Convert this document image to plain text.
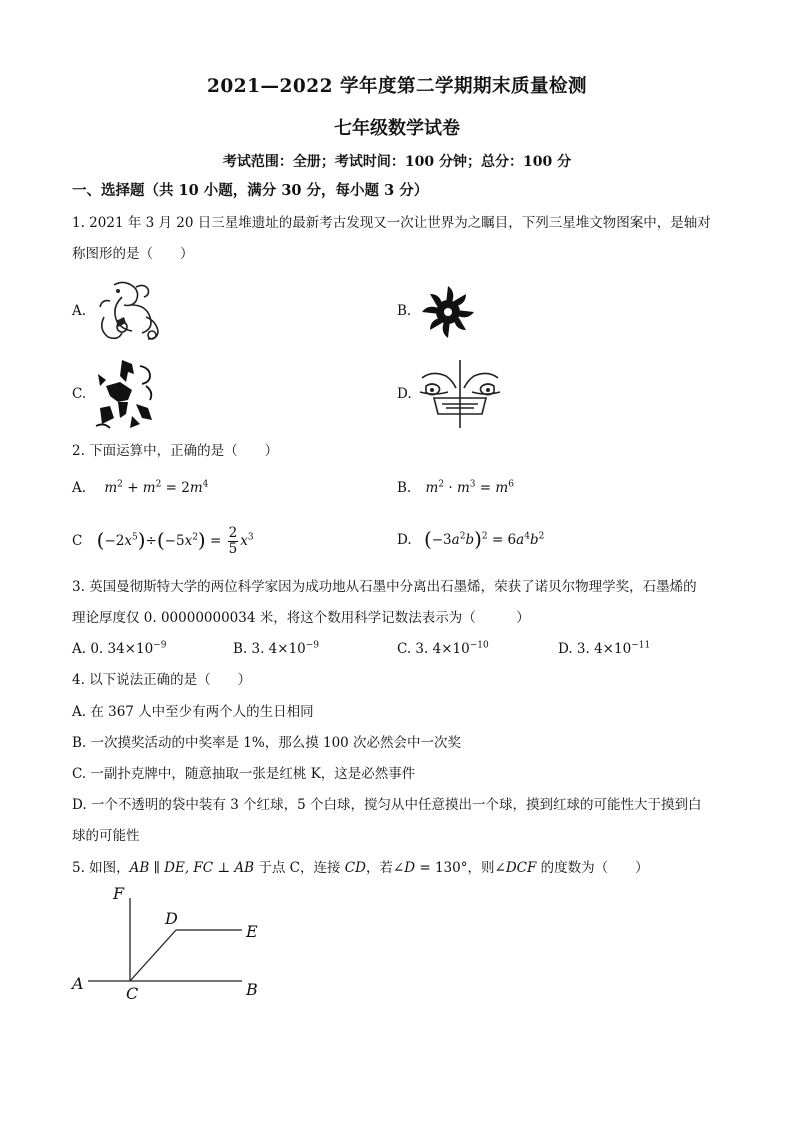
2021—2022 学年度第二学期期末质量检测
七年级数学试卷
考试范围：全册；考试时间：100 分钟；总分：100 分
一、选择题（共 10 小题，满分 30 分，每小题 3 分）
1. 2021 年 3 月 20 日三星堆遗址的最新考古发现又一次让世界为之瞩目，下列三星堆文物图案中，是轴对
称图形的是（　　）
A.	B.
C.	D.
2. 下面运算中，正确的是（　　）
A. $m^2 + m^2 = 2m^4$	B. $m^2 \cdot m^3 = m^6$
C $(-2x^5)\div(-5x^2) = \frac{2}{5} x^3$	D. $(-3a^2b)^2 = 6a^4b^2$
3. 英国曼彻斯特大学的两位科学家因为成功地从石墨中分离出石墨烯，荣获了诺贝尔物理学奖，石墨烯的
理论厚度仅 0. 00000000034 米，将这个数用科学记数法表示为（　　　）
A. 0. $34\times 10^{-9}$	B. 3. $4\times 10^{-9}$	C. 3. $4\times 10^{-10}$	D. 3. $4\times 10^{-11}$
4. 以下说法正确的是（　　）
A. 在 367 人中至少有两个人的生日相同
B. 一次摸奖活动的中奖率是 1%，那么摸 100 次必然会中一次奖
C. 一副扑克牌中，随意抽取一张是红桃 K，这是必然事件
D. 一个不透明的袋中装有 3 个红球，5 个白球，搅匀从中任意摸出一个球，摸到红球的可能性大于摸到白
球的可能性
5. 如图，AB ∥ DE, FC ⊥ AB 于点 C，连接 CD，若∠D = 130°，则∠DCF 的度数为（　　）
F
D
E
A
C	B
